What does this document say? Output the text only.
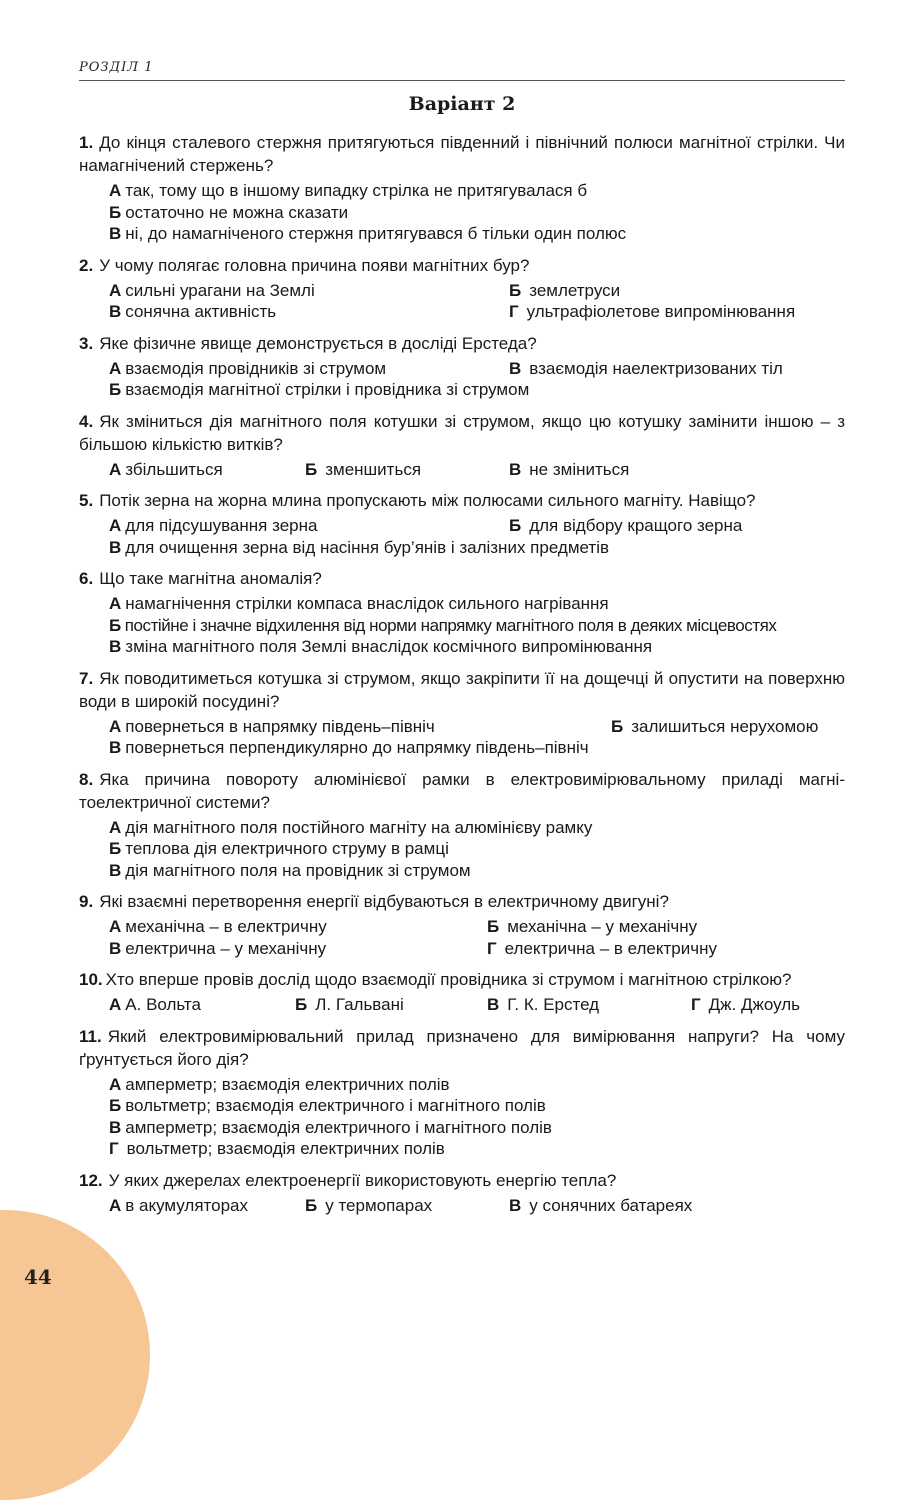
РОЗДІЛ 1
Варіант 2
1. До кінця сталевого стержня притягуються південний і північний полюси магнітної стрілки. Чи намагнічений стержень?
А так, тому що в іншому випадку стрілка не притягувалася б
Б остаточно не можна сказати
В ні, до намагніченого стержня притягувався б тільки один полюс
2. У чому полягає головна причина появи магнітних бур?
А сильні урагани на Землі	Б землетруси
В сонячна активність	Г ультрафіолетове випромінювання
3. Яке фізичне явище демонструється в досліді Ерстеда?
А взаємодія провідників зі струмом	В взаємодія наелектризованих тіл
Б взаємодія магнітної стрілки і провідника зі струмом
4. Як зміниться дія магнітного поля котушки зі струмом, якщо цю котушку замінити іншою – з більшою кількістю витків?
А збільшиться	Б зменшиться	В не зміниться
5. Потік зерна на жорна млина пропускають між полюсами сильного магніту. Навіщо?
А для підсушування зерна	Б для відбору кращого зерна
В для очищення зерна від насіння бур’янів і залізних предметів
6. Що таке магнітна аномалія?
А намагнічення стрілки компаса внаслідок сильного нагрівання
Б постійне і значне відхилення від норми напрямку магнітного поля в деяких місцевостях
В зміна магнітного поля Землі внаслідок космічного випромінювання
7. Як поводитиметься котушка зі струмом, якщо закріпити її на дощечці й опустити на поверхню води в широкій посудині?
А повернеться в напрямку південь–північ	Б залишиться нерухомою
В повернеться перпендикулярно до напрямку південь–північ
8. Яка причина повороту алюмінієвої рамки в електровимірювальному приладі магнітоелектричної системи?
А дія магнітного поля постійного магніту на алюмінієву рамку
Б теплова дія електричного струму в рамці
В дія магнітного поля на провідник зі струмом
9. Які взаємні перетворення енергії відбуваються в електричному двигуні?
А механічна – в електричну	Б механічна – у механічну
В електрична – у механічну	Г електрична – в електричну
10. Хто вперше провів дослід щодо взаємодії провідника зі струмом і магнітною стрілкою?
А А. Вольта	Б Л. Гальвані	В Г. К. Ерстед	Г Дж. Джоуль
11. Який електровимірювальний прилад призначено для вимірювання напруги? На чому ґрунтується його дія?
А амперметр; взаємодія електричних полів
Б вольтметр; взаємодія електричного і магнітного полів
В амперметр; взаємодія електричного і магнітного полів
Г вольтметр; взаємодія електричних полів
12. У яких джерелах електроенергії використовують енергію тепла?
А в акумуляторах	Б у термопарах	В у сонячних батареях
44
